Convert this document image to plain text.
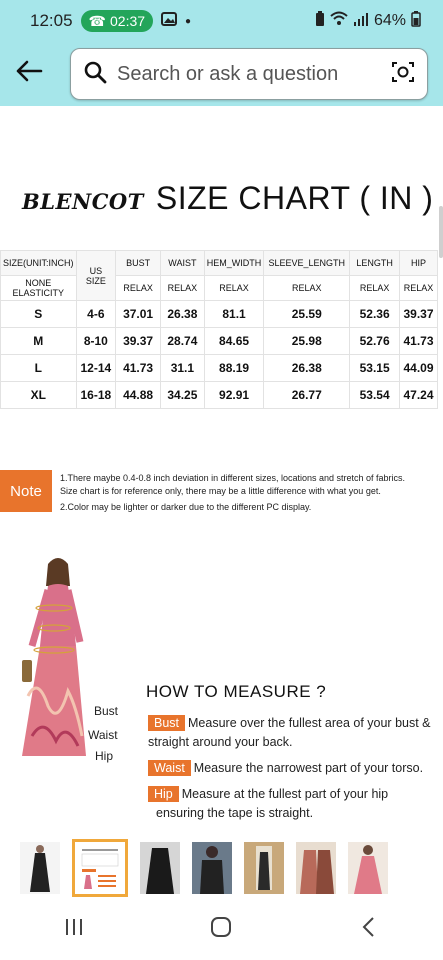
12:05 ☎ 02:37	●	64%
Search or ask a question
BLENCOT SIZE CHART ( IN )
SIZE(UNIT:INCH)	US SIZE	BUST	WAIST	HEM_WIDTH	SLEEVE_LENGTH	LENGTH	HIP
NONE ELASTICITY		RELAX	RELAX	RELAX	RELAX	RELAX	RELAX
S	4-6	37.01	26.38	81.1	25.59	52.36	39.37
M	8-10	39.37	28.74	84.65	25.98	52.76	41.73
L	12-14	41.73	31.1	88.19	26.38	53.15	44.09
XL	16-18	44.88	34.25	92.91	26.77	53.54	47.24
Note
1.There maybe 0.4-0.8 inch deviation in different sizes, locations and stretch of fabrics.
Size chart is for reference only, there may be a little difference with what you get.
2.Color may be lighter or darker due to the different PC display.
Bust
Waist
Hip
HOW TO MEASURE ?
Bust Measure over the fullest area of your bust &
straight around your back.
Waist Measure the narrowest part of your torso.
Hip Measure at the fullest part of your hip
ensuring the tape is straight.
